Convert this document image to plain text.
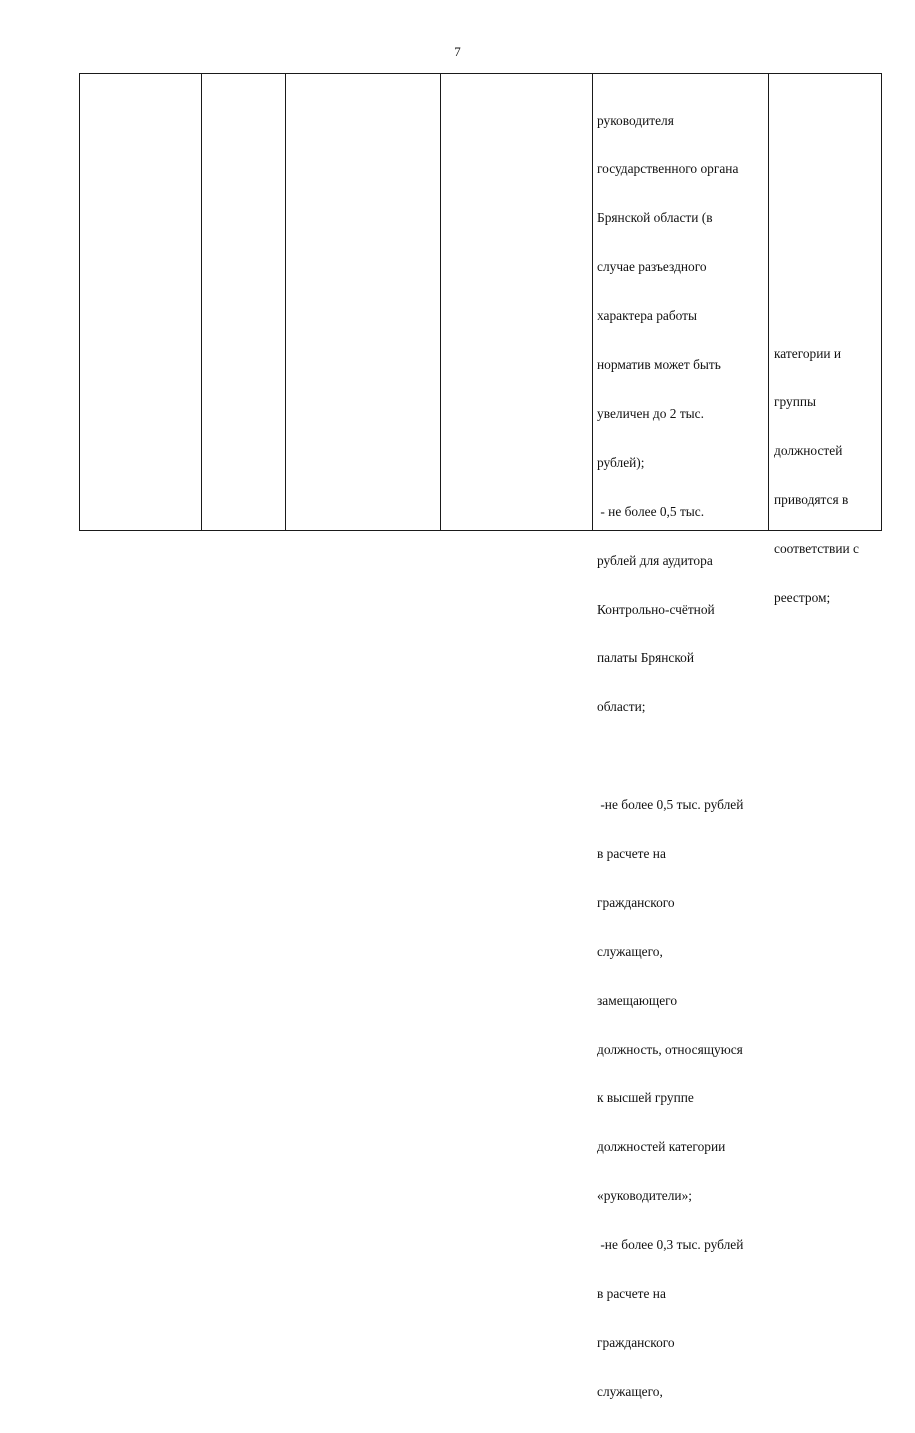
7

руководителя

государственного органа

Брянской области (в

случае разъездного

характера работы

норматив может быть

увеличен до 2 тыс.

рублей);

- не более 0,5 тыс.

рублей для аудитора

Контрольно-счётной

палаты Брянской

области;

-не более 0,5 тыс. рублей

в расчете на

гражданского

служащего,

замещающего

должность, относящуюся

к высшей группе

должностей категории

«руководители»;

-не более 0,3 тыс. рублей

в расчете на

гражданского

служащего,

категории и

группы

должностей

приводятся в

соответствии с

реестром;
